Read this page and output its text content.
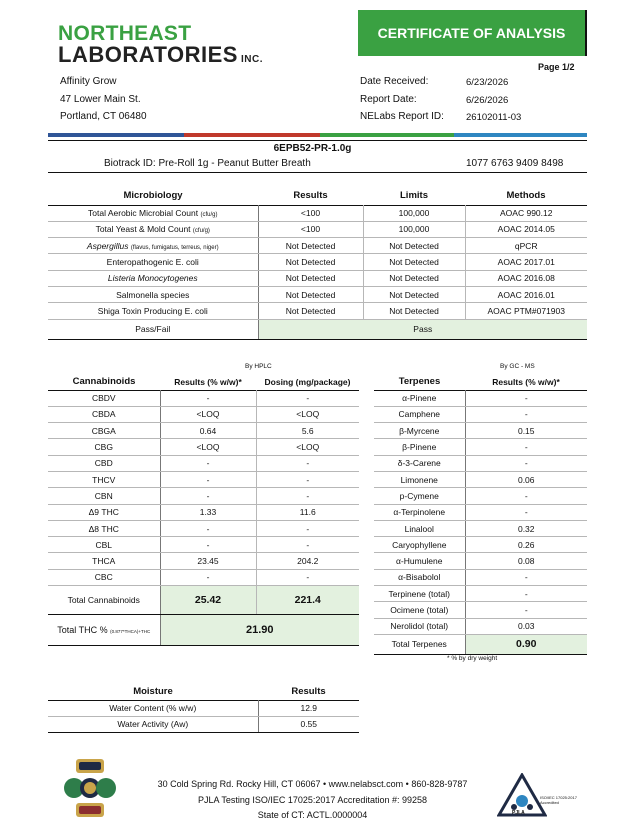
NORTHEAST
LABORATORIES INC.
CERTIFICATE OF ANALYSIS
Page 1/2
Affinity Grow
47 Lower Main St.
Portland, CT 06480
Date Received:	6/23/2026
Report Date:	6/26/2026
NELabs Report ID: 26102011-03
6EPB52-PR-1.0g
Biotrack ID: Pre-Roll 1g - Peanut Butter Breath	1077 6763 9409 8498
Microbiology	Results	Limits	Methods
Total Aerobic Microbial Count (cfu/g)	<100	100,000	AOAC 990.12
Total Yeast & Mold Count (cfu/g)	<100	100,000	AOAC 2014.05
Aspergillus (flavus, fumigatus, terreus, niger)	Not Detected	Not Detected	qPCR
Enteropathogenic E. coli	Not Detected	Not Detected	AOAC 2017.01
Listeria Monocytogenes	Not Detected	Not Detected	AOAC 2016.08
Salmonella species	Not Detected	Not Detected	AOAC 2016.01
Shiga Toxin Producing E. coli	Not Detected	Not Detected	AOAC PTM#071903
Pass/Fail	Pass		
By HPLC
Cannabinoids	Results (% w/w)*	Dosing (mg/package)
CBDV	-	-
CBDA	<LOQ	<LOQ
CBGA	0.64	5.6
CBG	<LOQ	<LOQ
CBD	-	-
THCV	-	-
CBN	-	-
Δ9 THC	1.33	11.6
Δ8 THC	-	-
CBL	-	-
THCA	23.45	204.2
CBC	-	-
Total Cannabinoids	25.42	221.4
Total THC % (0.877*THCA)+THC	21.90	
By GC - MS
Terpenes	Results (% w/w)*
α-Pinene	-
Camphene	-
β-Myrcene	0.15
β-Pinene	-
δ-3-Carene	-
Limonene	0.06
p-Cymene	-
α-Terpinolene	-
Linalool	0.32
Caryophyllene	0.26
α-Humulene	0.08
α-Bisabolol	-
Terpinene (total)	-
Ocimene (total)	-
Nerolidol (total)	0.03
Total Terpenes	0.90
* % by dry weight
Moisture	Results
Water Content (% w/w)	12.9
Water Activity (Aw)	0.55
PJLA
ISO/IEC 17025:2017 Accredited
30 Cold Spring Rd. Rocky Hill, CT 06067 • www.nelabsct.com • 860-828-9787
PJLA Testing ISO/IEC 17025:2017 Accreditation #: 99258
State of CT: ACTL.0000004
